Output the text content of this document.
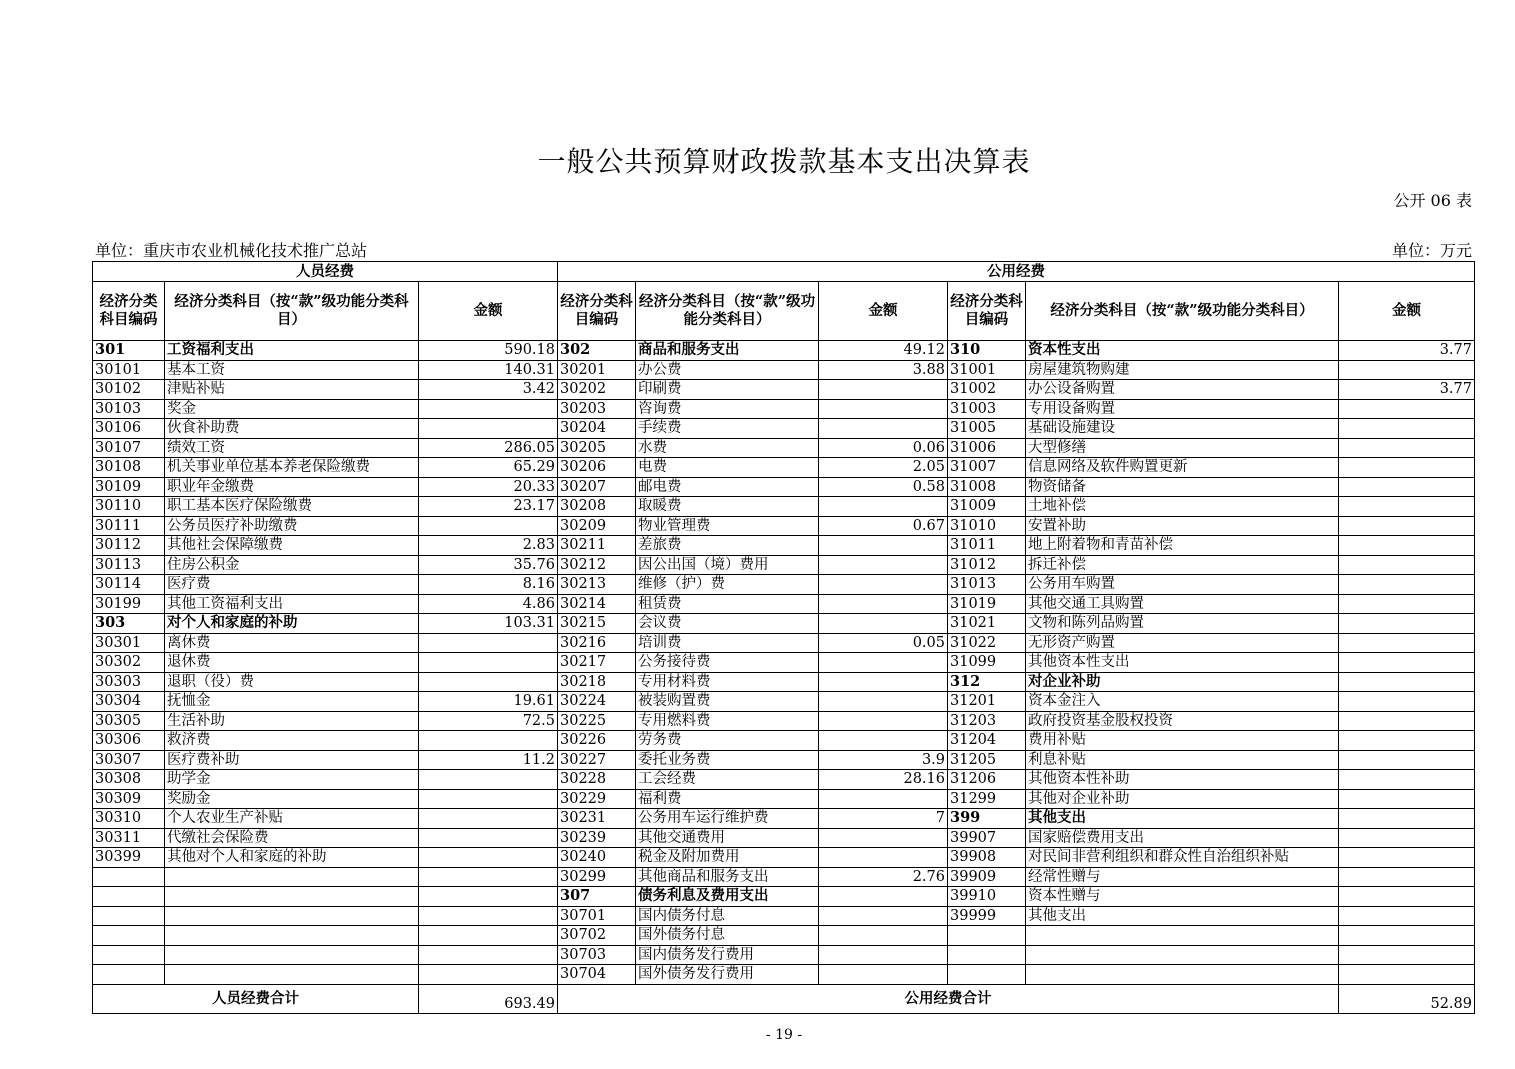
一般公共预算财政拨款基本支出决算表
公开 06 表
单位：重庆市农业机械化技术推广总站	单位：万元
人员经费			公用经费					
经济分类科目编码	经济分类科目（按“款”级功能分类科目）	金额	经济分类科目编码	经济分类科目（按“款”级功能分类科目）	金额	经济分类科目编码	经济分类科目（按“款”级功能分类科目）	金额
301	工资福利支出	590.18	302	商品和服务支出	49.12	310	资本性支出	3.77
30101	基本工资	140.31	30201	办公费	3.88	31001	房屋建筑物购建	
30102	津贴补贴	3.42	30202	印刷费		31002	办公设备购置	3.77
30103	奖金		30203	咨询费		31003	专用设备购置	
30106	伙食补助费		30204	手续费		31005	基础设施建设	
30107	绩效工资	286.05	30205	水费	0.06	31006	大型修缮	
30108	机关事业单位基本养老保险缴费	65.29	30206	电费	2.05	31007	信息网络及软件购置更新	
30109	职业年金缴费	20.33	30207	邮电费	0.58	31008	物资储备	
30110	职工基本医疗保险缴费	23.17	30208	取暖费		31009	土地补偿	
30111	公务员医疗补助缴费		30209	物业管理费	0.67	31010	安置补助	
30112	其他社会保障缴费	2.83	30211	差旅费		31011	地上附着物和青苗补偿	
30113	住房公积金	35.76	30212	因公出国（境）费用		31012	拆迁补偿	
30114	医疗费	8.16	30213	维修（护）费		31013	公务用车购置	
30199	其他工资福利支出	4.86	30214	租赁费		31019	其他交通工具购置	
303	对个人和家庭的补助	103.31	30215	会议费		31021	文物和陈列品购置	
30301	离休费		30216	培训费	0.05	31022	无形资产购置	
30302	退休费		30217	公务接待费		31099	其他资本性支出	
30303	退职（役）费		30218	专用材料费		312	对企业补助	
30304	抚恤金	19.61	30224	被装购置费		31201	资本金注入	
30305	生活补助	72.5	30225	专用燃料费		31203	政府投资基金股权投资	
30306	救济费		30226	劳务费		31204	费用补贴	
30307	医疗费补助	11.2	30227	委托业务费	3.9	31205	利息补贴	
30308	助学金		30228	工会经费	28.16	31206	其他资本性补助	
30309	奖励金		30229	福利费		31299	其他对企业补助	
30310	个人农业生产补贴		30231	公务用车运行维护费	7	399	其他支出	
30311	代缴社会保险费		30239	其他交通费用		39907	国家赔偿费用支出	
30399	其他对个人和家庭的补助		30240	税金及附加费用		39908	对民间非营利组织和群众性自治组织补贴	
			30299	其他商品和服务支出	2.76	39909	经常性赠与	
			307	债务利息及费用支出		39910	资本性赠与	
			30701	国内债务付息		39999	其他支出	
			30702	国外债务付息				
			30703	国内债务发行费用				
			30704	国外债务发行费用				
人员经费合计		693.49	公用经费合计					52.89
- 19 -
